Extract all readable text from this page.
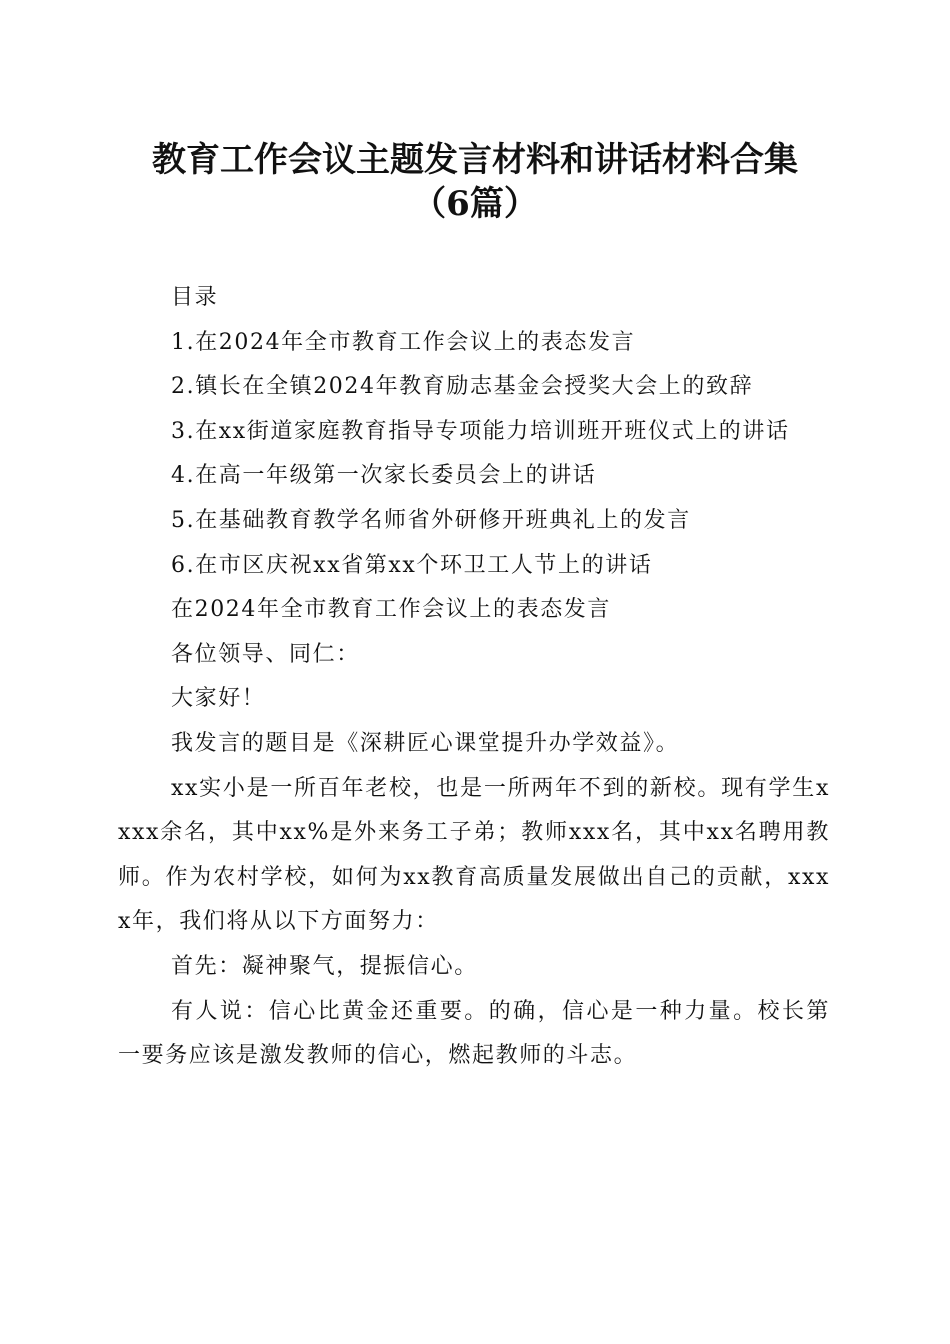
教育工作会议主题发言材料和讲话材料合集
（6篇）

目录

1.在2024年全市教育工作会议上的表态发言

2.镇长在全镇2024年教育励志基金会授奖大会上的致辞

3.在xx街道家庭教育指导专项能力培训班开班仪式上的讲话

4.在高一年级第一次家长委员会上的讲话

5.在基础教育教学名师省外研修开班典礼上的发言

6.在市区庆祝xx省第xx个环卫工人节上的讲话

在2024年全市教育工作会议上的表态发言

各位领导、同仁：

大家好！

我发言的题目是《深耕匠心课堂提升办学效益》。

xx实小是一所百年老校，也是一所两年不到的新校。现有学生xxxx余名，其中xx%是外来务工子弟；教师xxx名，其中xx名聘用教师。作为农村学校，如何为xx教育高质量发展做出自己的贡献，xxxx年，我们将从以下方面努力：

首先：凝神聚气，提振信心。

有人说：信心比黄金还重要。的确，信心是一种力量。校长第一要务应该是激发教师的信心，燃起教师的斗志。
